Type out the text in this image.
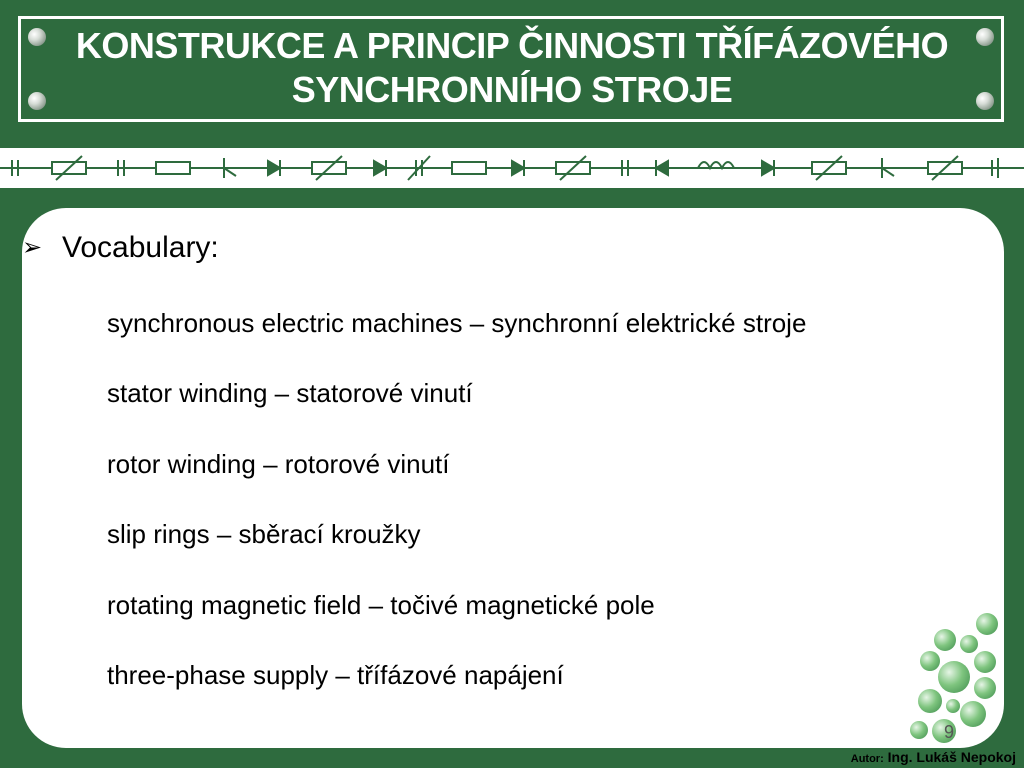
KONSTRUKCE A PRINCIP ČINNOSTI TŘÍFÁZOVÉHO
SYNCHRONNÍHO STROJE
➢ Vocabulary:
synchronous electric machines – synchronní elektrické stroje
stator winding – statorové vinutí
rotor winding – rotorové vinutí
slip rings – sběrací kroužky
rotating magnetic field – točivé magnetické pole
three-phase supply – třífázové napájení
9
Autor: Ing. Lukáš Nepokoj
